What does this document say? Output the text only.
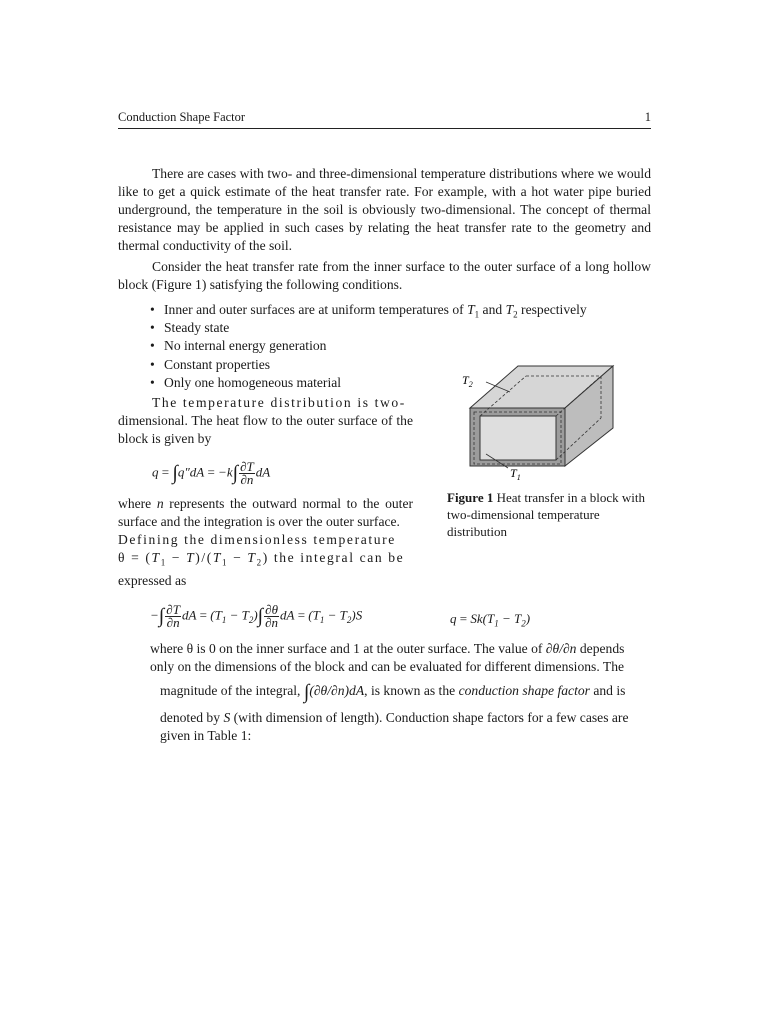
Conduction Shape Factor	1

There are cases with two- and three-dimensional temperature distributions where we would like to get a quick estimate of the heat transfer rate. For example, with a hot water pipe buried underground, the temperature in the soil is obviously two-dimensional. The concept of thermal resistance may be applied in such cases by relating the heat transfer rate to the geometry and thermal conductivity of the soil.

Consider the heat transfer rate from the inner surface to the outer surface of a long hollow block (Figure 1) satisfying the following conditions.

• Inner and outer surfaces are at uniform temperatures of $T_1$ and $T_2$ respectively
• Steady state
• No internal energy generation
• Constant properties
• Only one homogeneous material
The temperature distribution is two-
dimensional. The heat flow to the outer surface of the block is given by
$q = \int q''dA = -k\int \frac{\partial T}{\partial n}$ dA
where n represents the outward normal to the outer surface and the integration is over the outer surface.
Defining the dimensionless temperature
$\theta = (T_1 - T)/(T_1 - T_2)$ the integral can be
expressed as
$T_2$
$T_1$
Figure 1 Heat transfer in a block with two-dimensional temperature distribution
−∫ $\frac{\partial T}{\partial n}$ dA = $(T_1 - T_2)\int \frac{\partial\theta}{\partial n}$ dA = $(T_1 - T_2)S$	$q = Sk(T_1 - T_2)$
where θ is 0 on the inner surface and 1 at the outer surface. The value of ∂θ/∂n depends only on the dimensions of the block and can be evaluated for different dimensions. The
magnitude of the integral, ∫(∂θ/∂n)dA, is known as the conduction shape factor and is
denoted by S (with dimension of length). Conduction shape factors for a few cases are given in Table 1:
